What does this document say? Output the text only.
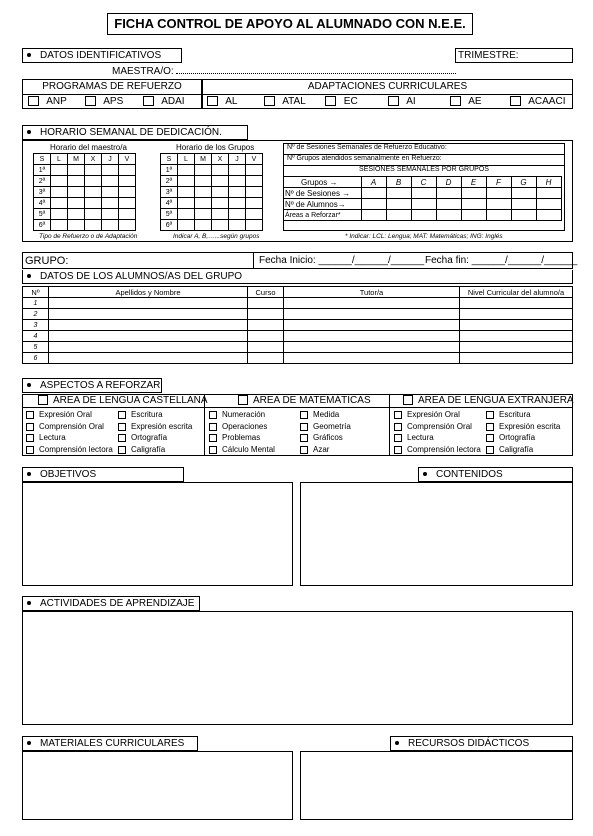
FICHA CONTROL DE APOYO AL ALUMNADO CON N.E.E.
DATOS IDENTIFICATIVOS	TRIMESTRE:
MAESTRA/O:
PROGRAMAS DE REFUERZO
ANP	APS	ADAI
ADAPTACIONES CURRICULARES
AL	ATAL	EC	AI	AE	ACAACI
HORARIO SEMANAL DE DEDICACIÓN.
Horario del maestro/a
S	L	M	X	J	V
1ª					
2ª					
3ª					
4ª					
5ª					
6ª					
Tipo de Refuerzo o de Adaptación
Horario de los Grupos
S	L	M	X	J	V
1ª					
2ª					
3ª					
4ª					
5ª					
6ª					
Indicar A, B,…...según grupos
Nº de Sesiones Semanales de Refuerzo Educativo:
Nº Grupos atendidos semanalmente en Refuerzo:
SESIONES SEMANALES POR GRUPOS
Grupos →	A	B	C	D	E	F	G	H
Nº de Sesiones →								
Nº de Alumnos→								
Áreas a Reforzar*								
* Indicar: LCL: Lengua; MAT: Matemáticas; ING: Inglés
GRUPO:	Fecha Inicio: ______/______/______ Fecha fin: ______/______/______
DATOS DE LOS ALUMNOS/AS DEL GRUPO
Nº	Apellidos y Nombre	Curso	Tutor/a	Nivel Curricular del alumno/a
1				
2				
3				
4				
5				
6				
ASPECTOS A REFORZAR
ÁREA DE LENGUA CASTELLANA
Expresión Oral
Comprensión Oral
Lectura
Comprensión lectora
Escritura
Expresión escrita
Ortografía
Caligrafía
ÁREA DE MATEMÁTICAS
Numeración
Operaciones
Problemas
Cálculo Mental
Medida
Geometría
Gráficos
Azar
ÁREA DE LENGUA EXTRANJERA
Expresión Oral
Comprensión Oral
Lectura
Comprensión lectora
Escritura
Expresión escrita
Ortografía
Caligrafía
OBJETIVOS	CONTENIDOS
ACTIVIDADES DE APRENDIZAJE
MATERIALES CURRICULARES	RECURSOS DIDÁCTICOS
